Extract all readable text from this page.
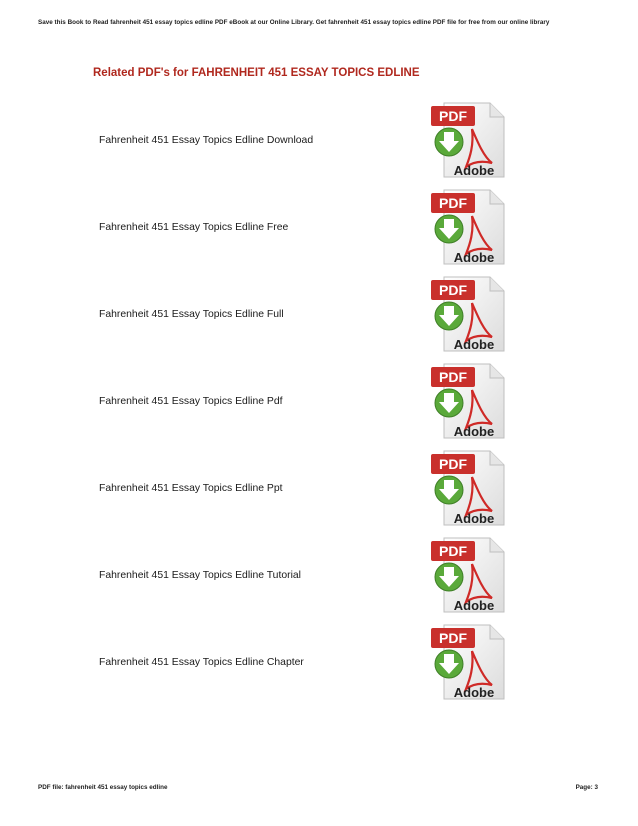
Save this Book to Read fahrenheit 451 essay topics edline PDF eBook at our Online Library. Get fahrenheit 451 essay topics edline PDF file for free from our online library
Related PDF's for FAHRENHEIT 451 ESSAY TOPICS EDLINE
Fahrenheit 451 Essay Topics Edline Download
PDF
Adobe
Fahrenheit 451 Essay Topics Edline Free
PDF
Adobe
Fahrenheit 451 Essay Topics Edline Full
PDF
Adobe
Fahrenheit 451 Essay Topics Edline Pdf
PDF
Adobe
Fahrenheit 451 Essay Topics Edline Ppt
PDF
Adobe
Fahrenheit 451 Essay Topics Edline Tutorial
PDF
Adobe
Fahrenheit 451 Essay Topics Edline Chapter
PDF
Adobe
PDF file: fahrenheit 451 essay topics edline	Page: 3
